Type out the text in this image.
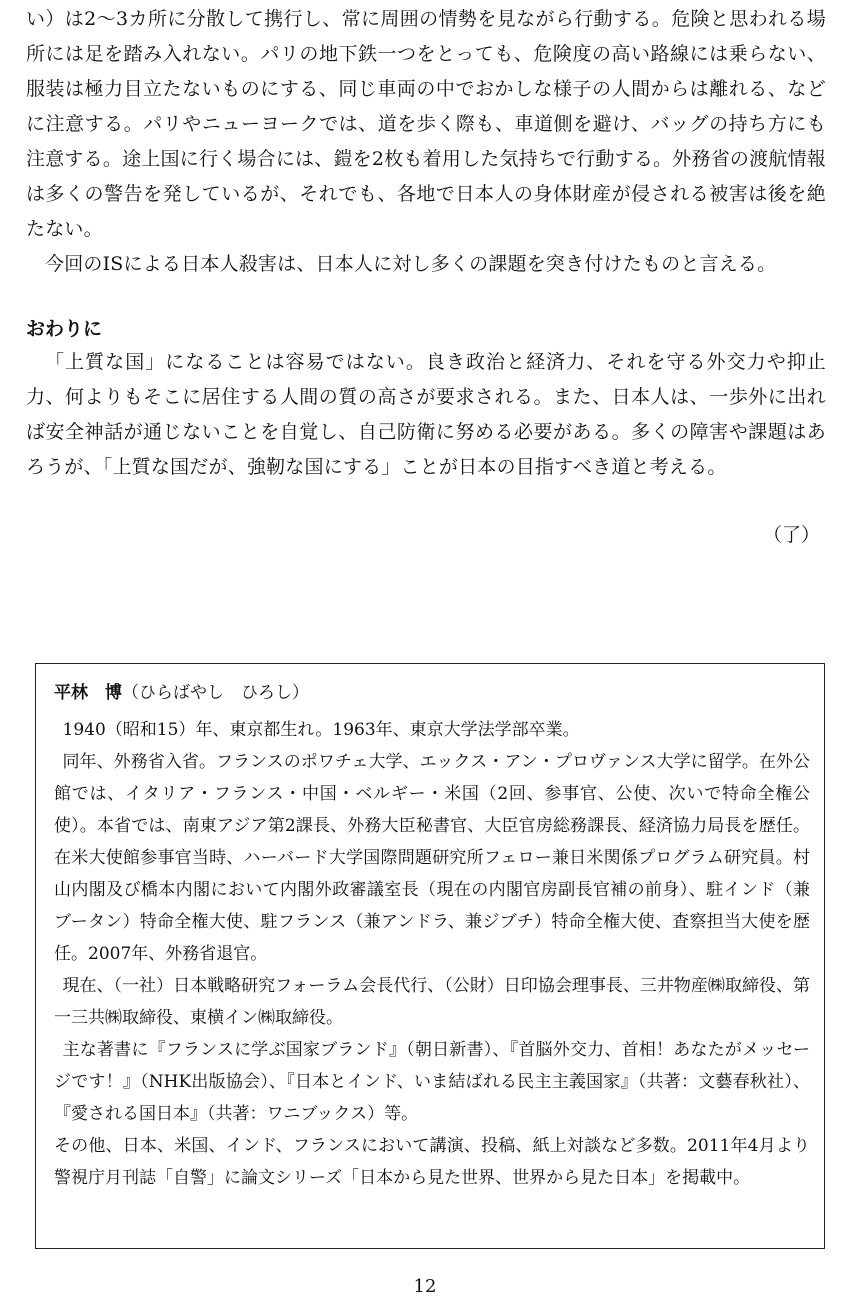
い）は2〜3カ所に分散して携行し、常に周囲の情勢を見ながら行動する。危険と思われる場所には足を踏み入れない。パリの地下鉄一つをとっても、危険度の高い路線には乗らない、服装は極力目立たないものにする、同じ車両の中でおかしな様子の人間からは離れる、などに注意する。パリやニューヨークでは、道を歩く際も、車道側を避け、バッグの持ち方にも注意する。途上国に行く場合には、鎧を2枚も着用した気持ちで行動する。外務省の渡航情報は多くの警告を発しているが、それでも、各地で日本人の身体財産が侵される被害は後を絶たない。

今回のISによる日本人殺害は、日本人に対し多くの課題を突き付けたものと言える。

おわりに

「上質な国」になることは容易ではない。良き政治と経済力、それを守る外交力や抑止力、何よりもそこに居住する人間の質の高さが要求される。また、日本人は、一歩外に出れば安全神話が通じないことを自覚し、自己防衛に努める必要がある。多くの障害や課題はあろうが、「上質な国だが、強靭な国にする」ことが日本の目指すべき道と考える。

（了）

平林　博（ひらばやし　ひろし）

1940（昭和15）年、東京都生れ。1963年、東京大学法学部卒業。

同年、外務省入省。フランスのポワチェ大学、エックス・アン・プロヴァンス大学に留学。在外公館では、イタリア・フランス・中国・ベルギー・米国（2回、参事官、公使、次いで特命全権公使）。本省では、南東アジア第2課長、外務大臣秘書官、大臣官房総務課長、経済協力局長を歴任。在米大使館参事官当時、ハーバード大学国際問題研究所フェロー兼日米関係プログラム研究員。村山内閣及び橋本内閣において内閣外政審議室長（現在の内閣官房副長官補の前身）、駐インド（兼ブータン）特命全権大使、駐フランス（兼アンドラ、兼ジブチ）特命全権大使、査察担当大使を歴任。2007年、外務省退官。

現在、（一社）日本戦略研究フォーラム会長代行、（公財）日印協会理事長、三井物産㈱取締役、第一三共㈱取締役、東横イン㈱取締役。

主な著書に『フランスに学ぶ国家ブランド』（朝日新書）、『首脳外交力、首相！あなたがメッセージです！』（NHK出版協会）、『日本とインド、いま結ばれる民主主義国家』（共著：文藝春秋社）、『愛される国日本』（共著：ワニブックス）等。

その他、日本、米国、インド、フランスにおいて講演、投稿、紙上対談など多数。2011年4月より警視庁月刊誌「自警」に論文シリーズ「日本から見た世界、世界から見た日本」を掲載中。

12
